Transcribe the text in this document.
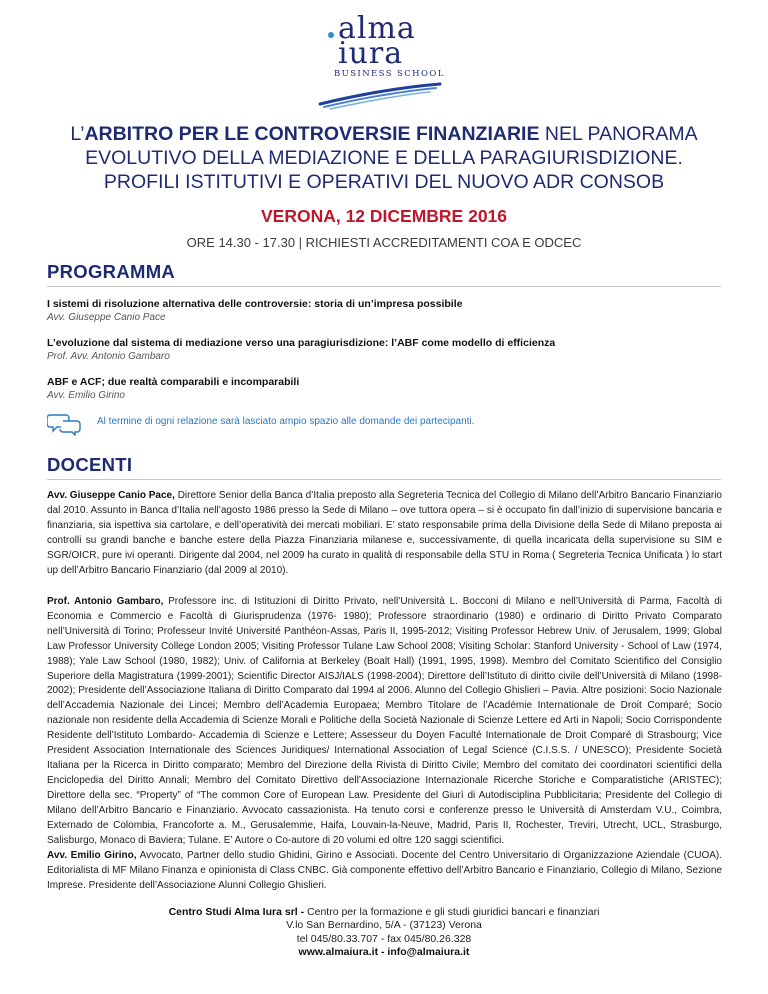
alma
iura
BUSINESS SCHOOL
L’ARBITRO PER LE CONTROVERSIE FINANZIARIE NEL PANORAMA
EVOLUTIVO DELLA MEDIAZIONE E DELLA PARAGIURISDIZIONE.
PROFILI ISTITUTIVI E OPERATIVI DEL NUOVO ADR CONSOB
VERONA, 12 DICEMBRE 2016
ORE 14.30 - 17.30 | RICHIESTI ACCREDITAMENTI COA E ODCEC
PROGRAMMA
I sistemi di risoluzione alternativa delle controversie: storia di un’impresa possibile
Avv. Giuseppe Canio Pace
L’evoluzione dal sistema di mediazione verso una paragiurisdizione: l’ABF come modello di efficienza
Prof. Avv. Antonio Gambaro
ABF e ACF; due realtà comparabili e incomparabili
Avv. Emilio Girino
Al termine di ogni relazione sarà lasciato ampio spazio alle domande dei partecipanti.
DOCENTI
Avv. Giuseppe Canio Pace, Direttore Senior della Banca d’Italia preposto alla Segreteria Tecnica del Collegio di Milano dell’Arbitro Bancario Finanziario dal 2010. Assunto in Banca d’Italia nell’agosto 1986 presso la Sede di Milano – ove tuttora opera – si è occupato fin dall’inizio di supervisione bancaria e finanziaria, sia ispettiva sia cartolare, e dell’operatività dei mercati mobiliari. E’ stato responsabile prima della Divisione della Sede di Milano preposta ai controlli su grandi banche e banche estere della Piazza Finanziaria milanese e, successivamente, di quella incaricata della supervisione su SIM e SGR/OICR, pure ivi operanti. Dirigente dal 2004, nel 2009 ha curato in qualità di responsabile della STU in Roma ( Segreteria Tecnica Unificata ) lo start up dell’Arbitro Bancario Finanziario (dal 2009 al 2010).
Prof. Antonio Gambaro, Professore inc. di Istituzioni di Diritto Privato, nell’Università L. Bocconi di Milano e nell’Università di Parma, Facoltà di Economia e Commercio e Facoltà di Giurisprudenza (1976- 1980); Professore straordinario (1980) e ordinario di Diritto Privato Comparato nell’Università di Torino; Professeur Invité Université Panthéon-Assas, Paris II, 1995-2012; Visiting Professor Hebrew Univ. of Jerusalem, 1999; Global Law Professor University College London 2005; Visiting Professor Tulane Law School 2008; Visiting Scholar: Stanford University - School of Law (1974, 1988); Yale Law School (1980, 1982); Univ. of California at Berkeley (Boalt Hall) (1991, 1995, 1998). Membro del Comitato Scientifico del Consiglio Superiore della Magistratura (1999-2001); Scientific Director AISJ/IALS (1998-2004); Direttore dell’Istituto di diritto civile dell’Università di Milano (1998-2002); Presidente dell’Associazione Italiana di Diritto Comparato dal 1994 al 2006. Alunno del Collegio Ghislieri – Pavia. Altre posizioni: Socio Nazionale dell’Accademia Nazionale dei Lincei; Membro dell’Academia Europaea; Membro Titolare de l’Académie Internationale de Droit Comparé; Socio nazionale non residente della Accademia di Scienze Morali e Politiche della Società Nazionale di Scienze Lettere ed Arti in Napoli; Socio Corrispondente Residente dell’Istituto Lombardo- Accademia di Scienze e Lettere; Assesseur du Doyen Faculté Internationale de Droit Comparé di Strasbourg; Vice President Association Internationale des Sciences Juridiques/ International Association of Legal Science (C.I.S.S. / UNESCO); Presidente Società Italiana per la Ricerca in Diritto comparato; Membro del Direzione della Rivista di Diritto Civile; Membro del comitato dei coordinatori scientifici della Enciclopedia del Diritto Annali; Membro del Comitato Direttivo dell’Associazione Internazionale Ricerche Storiche e Comparatistiche (ARISTEC); Direttore della sec. “Property” of “The common Core of European Law. Presidente del Giurì di Autodisciplina Pubblicitaria; Presidente del Collegio di Milano dell’Arbitro Bancario e Finanziario. Avvocato cassazionista. Ha tenuto corsi e conferenze presso le Università di Amsterdam V.U., Coimbra, Externado de Colombia, Francoforte a. M., Gerusalemme, Haifa, Louvain-la-Neuve, Madrid, Paris II, Rochester, Treviri, Utrecht, UCL, Strasburgo, Salisburgo, Monaco di Baviera; Tulane. E’ Autore o Co-autore di 20 volumi ed oltre 120 saggi scientifici.
Avv. Emilio Girino, Avvocato, Partner dello studio Ghidini, Girino e Associati. Docente del Centro Universitario di Organizzazione Aziendale (CUOA). Editorialista di MF Milano Finanza e opinionista di Class CNBC. Già componente effettivo dell’Arbitro Bancario e Finanziario, Collegio di Milano, Sezione Imprese. Presidente dell’Associazione Alunni Collegio Ghislieri.
Centro Studi Alma Iura srl - Centro per la formazione e gli studi giuridici bancari e finanziari
V.lo San Bernardino, 5/A - (37123) Verona
tel 045/80.33.707 - fax 045/80.26.328
www.almaiura.it - info@almaiura.it
